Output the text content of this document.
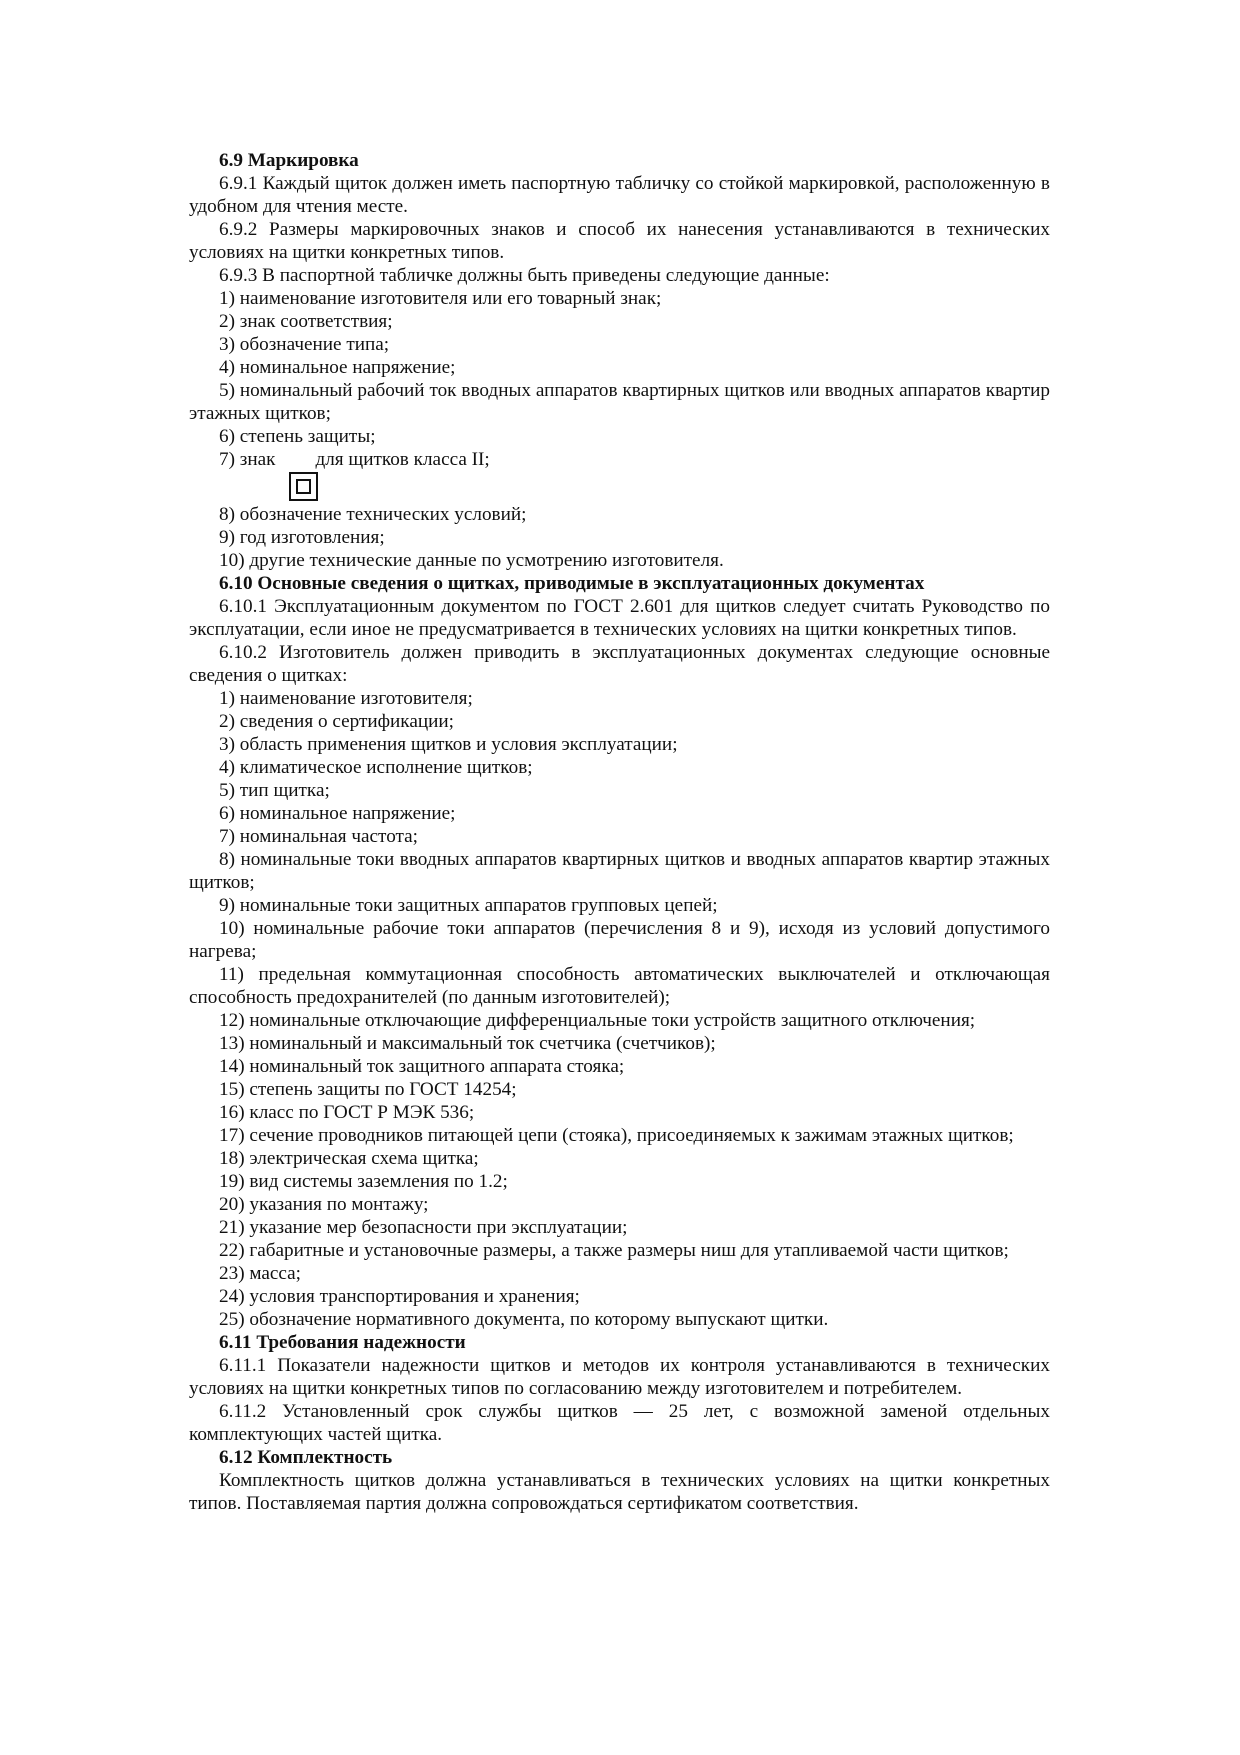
6.9 Маркировка

6.9.1 Каждый щиток должен иметь паспортную табличку со стойкой маркировкой, расположенную в удобном для чтения месте.

6.9.2 Размеры маркировочных знаков и способ их нанесения устанавливаются в технических условиях на щитки конкретных типов.

6.9.3 В паспортной табличке должны быть приведены следующие данные:

1) наименование изготовителя или его товарный знак;

2) знак соответствия;

3) обозначение типа;

4) номинальное напряжение;

5) номинальный рабочий ток вводных аппаратов квартирных щитков или вводных аппаратов квартир этажных щитков;

6) степень защиты;

7) знак для щитков класса II;

8) обозначение технических условий;

9) год изготовления;

10) другие технические данные по усмотрению изготовителя.

6.10 Основные сведения о щитках, приводимые в эксплуатационных документах

6.10.1 Эксплуатационным документом по ГОСТ 2.601 для щитков следует считать Руководство по эксплуатации, если иное не предусматривается в технических условиях на щитки конкретных типов.

6.10.2 Изготовитель должен приводить в эксплуатационных документах следующие основные сведения о щитках:

1) наименование изготовителя;

2) сведения о сертификации;

3) область применения щитков и условия эксплуатации;

4) климатическое исполнение щитков;

5) тип щитка;

6) номинальное напряжение;

7) номинальная частота;

8) номинальные токи вводных аппаратов квартирных щитков и вводных аппаратов квартир этажных щитков;

9) номинальные токи защитных аппаратов групповых цепей;

10) номинальные рабочие токи аппаратов (перечисления 8 и 9), исходя из условий допустимого нагрева;

11) предельная коммутационная способность автоматических выключателей и отключающая способность предохранителей (по данным изготовителей);

12) номинальные отключающие дифференциальные токи устройств защитного отключения;

13) номинальный и максимальный ток счетчика (счетчиков);

14) номинальный ток защитного аппарата стояка;

15) степень защиты по ГОСТ 14254;

16) класс по ГОСТ Р МЭК 536;

17) сечение проводников питающей цепи (стояка), присоединяемых к зажимам этажных щитков;

18) электрическая схема щитка;

19) вид системы заземления по 1.2;

20) указания по монтажу;

21) указание мер безопасности при эксплуатации;

22) габаритные и установочные размеры, а также размеры ниш для утапливаемой части щитков;

23) масса;

24) условия транспортирования и хранения;

25) обозначение нормативного документа, по которому выпускают щитки.

6.11 Требования надежности

6.11.1 Показатели надежности щитков и методов их контроля устанавливаются в технических условиях на щитки конкретных типов по согласованию между изготовителем и потребителем.

6.11.2 Установленный срок службы щитков — 25 лет, с возможной заменой отдельных комплектующих частей щитка.

6.12 Комплектность

Комплектность щитков должна устанавливаться в технических условиях на щитки конкретных типов. Поставляемая партия должна сопровождаться сертификатом соответствия.
